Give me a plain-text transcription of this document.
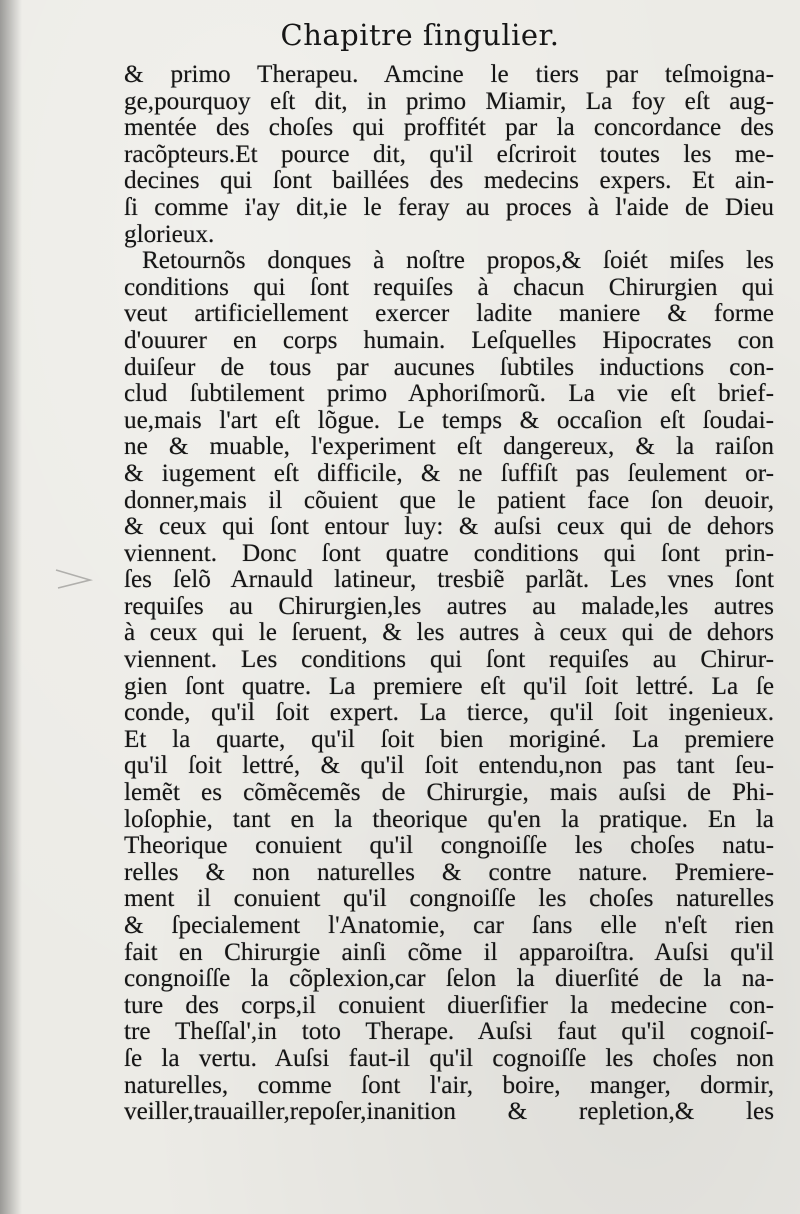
Chapitre ſingulier.
& primo Therapeu. Amcine le tiers par teſmoigna-
ge,pourquoy eſt dit, in primo Miamir, La foy eſt aug-
mentée des choſes qui proffitét par la concordance des
racõpteurs.Et pource dit, qu'il eſcriroit toutes les me-
decines qui ſont baillées des medecins expers. Et ain-
ſi comme i'ay dit,ie le feray au proces à l'aide de Dieu
glorieux.
Retournõs donques à noſtre propos,& ſoiét miſes les
conditions qui ſont requiſes à chacun Chirurgien qui
veut artificiellement exercer ladite maniere & forme
d'ouurer en corps humain. Leſquelles Hipocrates con
duiſeur de tous par aucunes ſubtiles inductions con-
clud ſubtilement primo Aphoriſmorũ. La vie eſt brief-
ue,mais l'art eſt lõgue. Le temps & occaſion eſt ſoudai-
ne & muable, l'experiment eſt dangereux, & la raiſon
& iugement eſt difficile, & ne ſuffiſt pas ſeulement or-
donner,mais il cõuient que le patient face ſon deuoir,
& ceux qui ſont entour luy: & auſsi ceux qui de dehors
viennent. Donc ſont quatre conditions qui ſont prin-
ſes ſelõ Arnauld latineur, tresbiẽ parlãt. Les vnes ſont
requiſes au Chirurgien,les autres au malade,les autres
à ceux qui le ſeruent, & les autres à ceux qui de dehors
viennent. Les conditions qui ſont requiſes au Chirur-
gien ſont quatre. La premiere eſt qu'il ſoit lettré. La ſe
conde, qu'il ſoit expert. La tierce, qu'il ſoit ingenieux.
Et la quarte, qu'il ſoit bien moriginé. La premiere
qu'il ſoit lettré, & qu'il ſoit entendu,non pas tant ſeu-
lemẽt es cõmẽcemẽs de Chirurgie, mais auſsi de Phi-
loſophie, tant en la theorique qu'en la pratique. En la
Theorique conuient qu'il congnoiſſe les choſes natu-
relles & non naturelles & contre nature. Premiere-
ment il conuient qu'il congnoiſſe les choſes naturelles
& ſpecialement l'Anatomie, car ſans elle n'eſt rien
fait en Chirurgie ainſi cõme il apparoiſtra. Auſsi qu'il
congnoiſſe la cõplexion,car ſelon la diuerſité de la na-
ture des corps,il conuient diuerſifier la medecine con-
tre Theſſal',in toto Therape. Auſsi faut qu'il cognoiſ-
ſe la vertu. Auſsi faut-il qu'il cognoiſſe les choſes non
naturelles, comme ſont l'air, boire, manger, dormir,
veiller,trauailler,repoſer,inanition & repletion,& les
